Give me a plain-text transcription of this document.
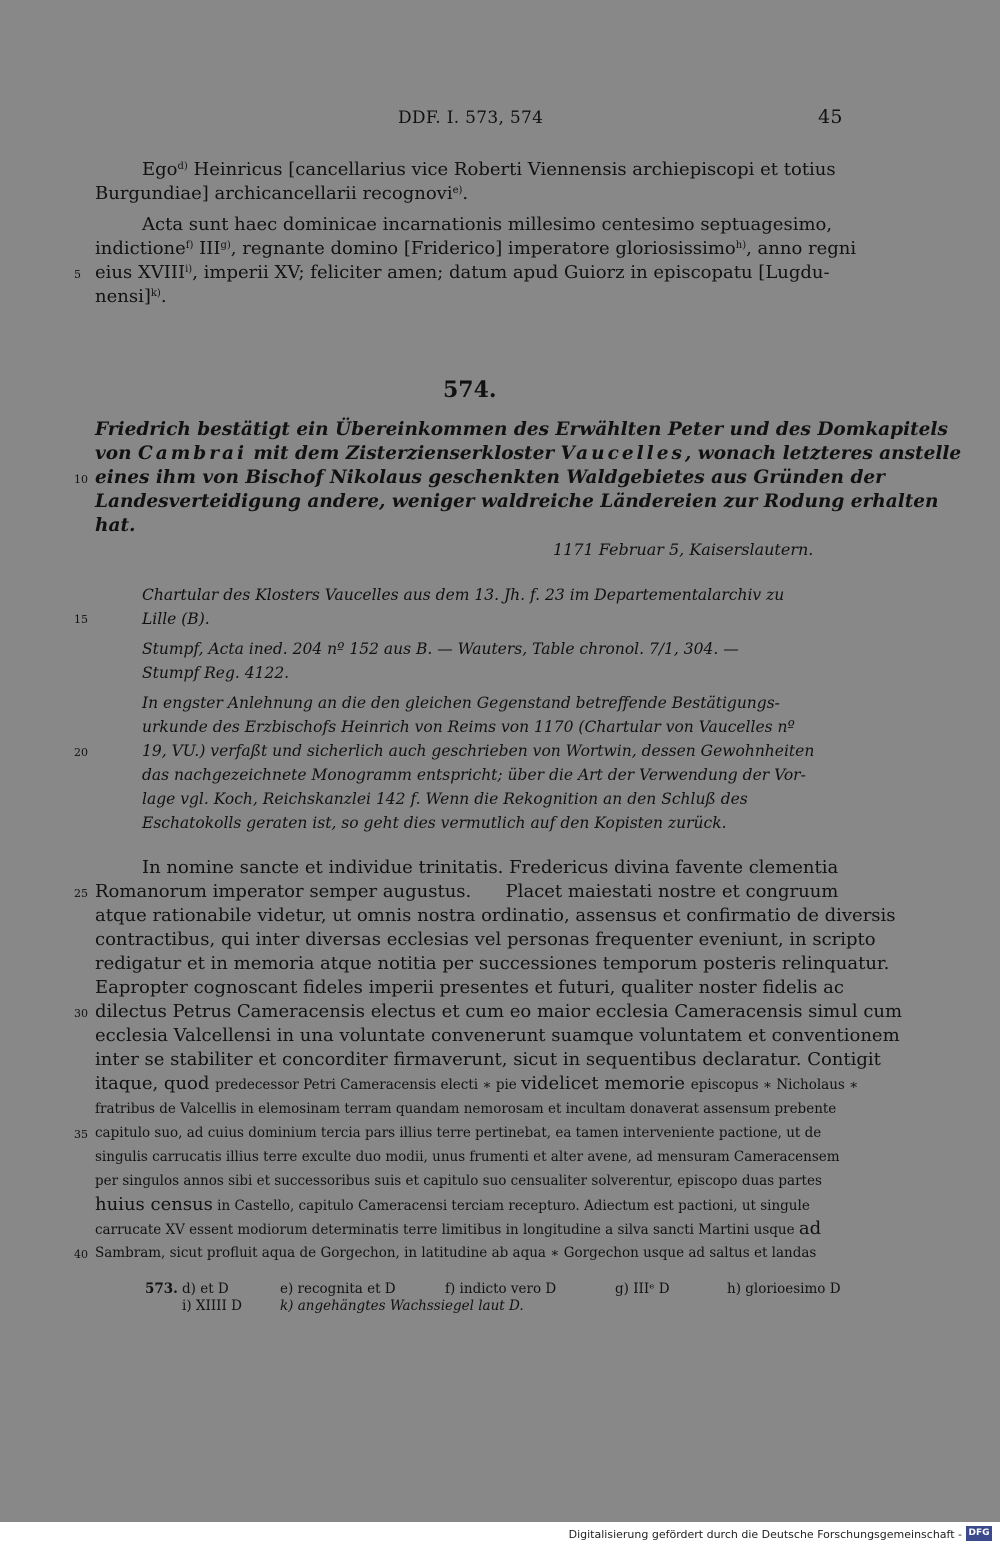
DDF. I. 573, 574	45
Ego$^{d)}$ Heinricus [cancellarius vice Roberti Viennensis archiepiscopi et totius
Burgundiae] archicancellarii recognovi$^{e)}$.
Acta sunt haec dominicae incarnationis millesimo centesimo septuagesimo,
indictione$^{f)}$ III$^{g)}$, regnante domino [Friderico] imperatore gloriosissimo$^{h)}$, anno regni
eius XVIII$^{i)}$, imperii XV; feliciter amen; datum apud Guiorz in episcopatu [Lugdu-
nensi]$^{k)}$.
574.
Friedrich bestätigt ein Übereinkommen des Erwählten Peter und des Domkapitels
von Cambrai mit dem Zisterzienserkloster Vaucelles, wonach letzteres anstelle
eines ihm von Bischof Nikolaus geschenkten Waldgebietes aus Gründen der
Landesverteidigung andere, weniger waldreiche Ländereien zur Rodung erhalten
hat.
1171 Februar 5, Kaiserslautern.
Chartular des Klosters Vaucelles aus dem 13. Jh. f. 23 im Departementalarchiv zu
Lille (B).
Stumpf, Acta ined. 204 nº 152 aus B. — Wauters, Table chronol. 7/1, 304. —
Stumpf Reg. 4122.
In engster Anlehnung an die den gleichen Gegenstand betreffende Bestätigungs-
urkunde des Erzbischofs Heinrich von Reims von 1170 (Chartular von Vaucelles nº
19, VU.) verfaßt und sicherlich auch geschrieben von Wortwin, dessen Gewohnheiten
das nachgezeichnete Monogramm entspricht; über die Art der Verwendung der Vor-
lage vgl. Koch, Reichskanzlei 142 f. Wenn die Rekognition an den Schluß des
Eschatokolls geraten ist, so geht dies vermutlich auf den Kopisten zurück.
In nomine sancte et individue trinitatis. Fredericus divina favente clementia
Romanorum imperator semper augustus.      Placet maiestati nostre et congruum
atque rationabile videtur, ut omnis nostra ordinatio, assensus et confirmatio de diversis
contractibus, qui inter diversas ecclesias vel personas frequenter eveniunt, in scripto
redigatur et in memoria atque notitia per successiones temporum posteris relinquatur.
Eapropter cognoscant fideles imperii presentes et futuri, qualiter noster fidelis ac
dilectus Petrus Cameracensis electus et cum eo maior ecclesia Cameracensis simul cum
ecclesia Valcellensi in una voluntate convenerunt suamque voluntatem et conventionem
inter se stabiliter et concorditer firmaverunt, sicut in sequentibus declaratur. Contigit
itaque, quod predecessor Petri Cameracensis electi ∗ pie videlicet memorie episcopus ∗ Nicholaus ∗
fratribus de Valcellis in elemosinam terram quandam nemorosam et incultam donaverat assensum prebente
capitulo suo, ad cuius dominium tercia pars illius terre pertinebat, ea tamen interveniente pactione, ut de
singulis carrucatis illius terre exculte duo modii, unus frumenti et alter avene, ad mensuram Cameracensem
per singulos annos sibi et successoribus suis et capitulo suo censualiter solverentur, episcopo duas partes
huius census in Castello, capitulo Cameracensi terciam recepturo. Adiectum est pactioni, ut singule
carrucate XV essent modiorum determinatis terre limitibus in longitudine a silva sancti Martini usque ad
Sambram, sicut profluit aqua de Gorgechon, in latitudine ab aqua ∗ Gorgechon usque ad saltus et landas
5
10
15
20
25
30
35
40
573. d) et D	e) recognita et D	f) indicto vero D	g) IIIᵉ D	h) glorioesimo D
i) XIIII D	k) angehängtes Wachssiegel laut D.
Digitalisierung gefördert durch die Deutsche Forschungsgemeinschaft - DFG
